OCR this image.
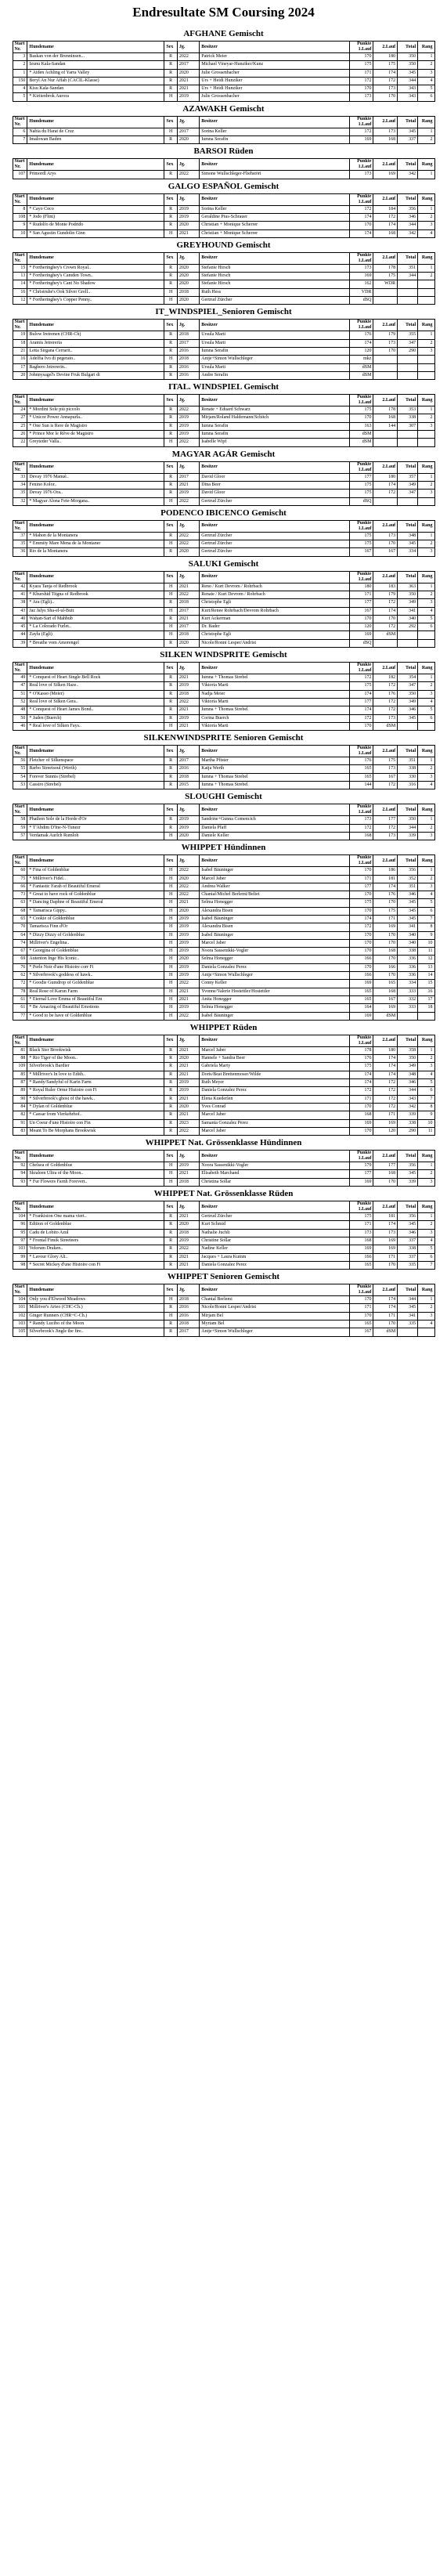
Endresultate SM Coursing 2024
AFGHANE Gemischt
Start Nr.	Hundename	Sex	Jg.	Besitzer	Punkte 1.Lauf	2.Lauf	Total	Rang
3	Baskan von der Brenninsen...	R	2022	Patrick Meier	170	180	350	1
2	Izunu Kala-Sandan	R	2017	Michael Vineyar-Hunziker/Kunz	175	175	350	2
1	* Aiden Achling of Yarra Valley	R	2020	Julie Grossenbacher	171	174	345	3
150	Beryl An Nur Affah (CACIL-Klasse)	R	2021	Urs + Heidi Hunziker	172	172	344	4
4	Kisu Kala-Sandan	R	2021	Urs + Heidi Hunziker	170	173	343	5
5	* Kiritenbrok Aurora	H	2019	Julie Grossenbacher	173	170	343	6
AZAWAKH Gemischt
Start Nr.	Hundename	Sex	Jg.	Besitzer	Punkte 1.Lauf	2.Lauf	Total	Rang
6	Nabia du Harat de Cruz	H	2017	Sorina Keller	172	173	345	1
7	Imalowan Baden	R	2020	Iumna Serafin	169	168	337	2
BARSOI Rüden
Start Nr.	Hundename	Sex	Jg.	Besitzer	Punkte 1.Lauf	2.Lauf	Total	Rang
107	Primordl Arys	R	2022	Simone Wullschleger-Fliehstöri	173	169	342	1
GALGO ESPAÑOL Gemischt
Start Nr.	Hundename	Sex	Jg.	Besitzer	Punkte 1.Lauf	2.Lauf	Total	Rang
8	* Cayo Coco	R	2019	Sorina Keller	172	184	356	1
108	* Jodo (Flint)	R	2019	Geraldine Pius-Schrauer	174	172	346	2
9	* Rudolfo de Monte Podrido	R	2020	Christian + Monique Scherrer	170	174	344	3
10	* San Agustin Gundolin Ginn	H	2021	Christian + Monique Scherrer	174	168	342	4
GREYHOUND Gemischt
Start Nr.	Hundename	Sex	Jg.	Besitzer	Punkte 1.Lauf	2.Lauf	Total	Rang
15	* Fortheringhey's Crown Royal..	R	2020	Stefanie Hirsch	173	178	351	1
13	* Fortheringhey's Camden Town..	R	2020	Stefanie Hirsch	169	175	344	2
14	* Fortheringhey's Cant No Shadow	R	2020	Stefanie Hirsch	162	WDR		
16	* Christruhe's Ook Silver Grell..	H	2018	Ruth Hess	VDR			
12	* Fortheringhey's Copper Penny..	H	2020	Gertrud Zürcher	dSQ			
IT_WINDSPIEL_Senioren Gemischt
Start Nr.	Hundename	Sex	Jg.	Besitzer	Punkte 1.Lauf	2.Lauf	Total	Rang
19	Bulow Iretrenen (CHR-Ch)	R	2018	Ursula Marti	176	179	355	1
18	Aramis Jetrereria	R	2017	Ursula Marti	174	173	347	2
21	Letta Sirgana Cerrarit..	R	2016	Iumna Serafin	120	170	290	3
16	Adelfia Ivo di pegerato..	H	2018	Antje+Simon Wullschleger	mkz			
17	Baghero Jetrererin..	R	2016	Ursula Marti	dSM			
20	Johnnysagel's Devine Fruk Bulgari di	R	2016	Andre Serafin	dSM			
ITAL. WINDSPIEL Gemischt
Start Nr.	Hundename	Sex	Jg.	Besitzer	Punkte 1.Lauf	2.Lauf	Total	Rang
24	* Mordini Sole più piccolo	R	2022	Renate + Eduard Schwarz	175	178	353	1
27	* Unicor Power Annapurla..	R	2019	Mirjam/Roland Haldemann/Schitch	170	168	338	2
25	* One Sun is Rere de Magistro	R	2019	Iumna Serafin	163	144	307	3
26	* Prince Mor le Rêve de Magistro	R	2019	Iumna Serafin	dSM			
22	Greyteder Valla..	H	2022	Isabelle Wipf	dSM			
MAGYAR AGÁR Gemischt
Start Nr.	Hundename	Sex	Jg.	Besitzer	Punkte 1.Lauf	2.Lauf	Total	Rang
33	Devay 1976 Manuè..	R	2017	David Gloor	177	180	357	1
34	Fenino Kolor..	R	2021	Dina Beer	175	174	349	2
35	Devay 1976 Ora..	R	2019	David Gloor	175	172	347	3
32	* Magyar Alona Fete-Morgana..	H	2022	Gertrud Zürcher	dSQ			
PODENCO IBICENCO Gemischt
Start Nr.	Hundename	Sex	Jg.	Besitzer	Punkte 1.Lauf	2.Lauf	Total	Rang
37	* Mahon de la Montanera	R	2022	Gertrud Zürcher	175	173	348	1
35	* Emmity Mare Mena de la Montaner	H	2022	Gertrud Zürcher	175	170	345	2
36	Rio de la Montanera	R	2020	Gertrud Zürcher	167	167	334	3
SALUKI Gemischt
Start Nr.	Hundename	Sex	Jg.	Besitzer	Punkte 1.Lauf	2.Lauf	Total	Rang
42	Kyara Tanja of Redbrook	H	2021	Reno / Kurt Devrom / Rohrbach	180	183	363	1
41	* Khurshid Tiigna of Redbrook	H	2022	Renate / Kurt Devrom / Rohrbach	171	179	350	2
38	* Ara (Egli)..	R	2018	Christophe Egli	177	172	349	3
43	Jaz Jalys Sha-el-ul-Buit	H	2017	Kurt/Renee Rohrbach/Devrom Rohrbach	167	174	341	4
40	Wahan-Sari el Mahbub	R	2021	Kurt Ackerman	170	170	340	5
45	* La Colorado Furlet..	H	2017	Dr. Bader	120	172	292	6
44	Zaylu (Egli)	H	2018	Christophe Egli	169	dSM		
39	* Breathe vom Amorengel	R	2020	Nicole/Ronni Lesper/Andrist	dSQ			
SILKEN WINDSPRITE Gemischt
Start Nr.	Hundename	Sex	Jg.	Besitzer	Punkte 1.Lauf	2.Lauf	Total	Rang
49	* Conquest of Heart Single Bell Rock	R	2021	Iumna + Thomas Strebel	172	182	354	1
47	Real love of Silken Haze..	R	2019	Viktoria Marti	175	172	347	2
51	* O'Kasso (Meier)	R	2018	Nadja Meier	174	176	350	3
52	Real love of Silken Gera..	R	2022	Viktoria Marti	177	172	349	4
48	* Conquest of Heart James Bond..	R	2021	Iumna + Thomas Strebel	174	172	346	5
50	* Jaden (Buerch)	R	2019	Corina Buerch	172	173	345	6
46	* Real love of Silken Fays..	H	2021	Viktoria Marti	170	dSM		
SILKENWINDSPRITE Senioren Gemischt
Start Nr.	Hundename	Sex	Jg.	Besitzer	Punkte 1.Lauf	2.Lauf	Total	Rang
56	Fletcher of Silkenspace	R	2017	Martha Pfister	176	175	351	1
55	Barbo Streetsoul (Werth)	R	2016	Katja Werth	165	173	338	2
54	Forever Sunnis (Strebel)	R	2018	Iumna + Thomas Strebel	165	167	330	3
53	Cassiro (Strebel)	R	2015	Iumna + Thomas Strebel	144	172	316	4
SLOUGHI Gemischt
Start Nr.	Hundename	Sex	Jg.	Besitzer	Punkte 1.Lauf	2.Lauf	Total	Rang
58	Phathon Sole de la Horde d'Or	R	2019	Sandrine+Gunna Comencich	173	177	350	1
59	* T'Abdim D'Ine-N-Tunezr	R	2019	Daniela Pfaff	172	172	344	2
57	Verdamak Aurlch Rumloh	H	2020	Daniele Keller	168	173	339	3
WHIPPET Hündinnen
Start Nr.	Hundename	Sex	Jg.	Besitzer	Punkte 1.Lauf	2.Lauf	Total	Rang
60	* Fina of Goldenblue	H	2022	Isabel Bäuninger	170	186	356	1
75	* Millriver's Fidel..	H	2020	Marcel Jaber	171	181	352	2
66	* Fantastic Farah of Beautiful Emeral	H	2022	Andrea Walker	177	174	351	3
73	* Great to have rock of Goldenblue	H	2022	Chantal/Michel Berlemi/Beliet	170	176	346	4
63	* Dancing Daphne of Beautiful Emeral	H	2021	Selma Honegger	175	170	345	5
68	* Tamarisca Gippy..	H	2020	Alexandra Bisen	170	175	345	6
65	* Cookie of Goldenblue	H	2019	Isabel Bäuninger	174	171	345	7
70	Tamarisca Finn d'Or	H	2019	Alexandra Bisen	172	169	341	8
64	* Dizzy Dizzy of Goldenblue	H	2019	Isabel Bäuninger	170	170	340	9
74	Millriver's Engelina..	H	2019	Marcel Jaber	170	170	340	10
67	* Georgina of Goldenblue	H	2019	Noora Sassenikki-Vogler	170	168	338	11
69	Autenton Inge His Iconic..	H	2020	Selma Honegger	166	170	336	12
76	* Perle Noir d'une Histoire corr Fi	H	2019	Daniela Gonzalez Perez	170	166	336	13
62	* Silverbrook's goddess of hawk..	H	2019	Antje+Simon Wullschleger	166	170	336	14
72	* Goodie Gumdrop of Goldenblue	H	2022	Conny Keller	169	165	334	15
78	Real Rose of Karun Farm	H	2021	Yvonne/Valerie Hostettler/Hostettler	165	168	333	16
61	* Eternal Love Emma of Beautiful Em	H	2021	Anita Honegger	165	167	332	17
61	* Be Amazing of Beautiful Emotions	H	2019	Selma Honegger	164	169	333	18
77	* Good to be have of Goldenblue	H	2022	Isabel Bäuninger	169	dSM		
WHIPPET Rüden
Start Nr.	Hundename	Sex	Jg.	Besitzer	Punkte 1.Lauf	2.Lauf	Total	Rang
81	Black Ster Brookwisk	R	2021	Marcel Jaber	178	180	358	1
88	* Rio Tiger of the Moon..	R	2020	Hannele + Sandra Beer	176	174	350	2
109	Silverbrook's Bardier	R	2021	Gabriela Marty	175	174	349	3
85	* Millriver's In love to Edith..	R	2021	Doris/Beat Brettenmoser/Wilde	174	174	348	4
87	* Randy/Sandyful of Karin Farm	R	2019	Ruth Meyer	174	172	346	5
89	* Royal Ruler Orme Histoire con Fi	R	2019	Daniela Gonzalez Perez	172	172	344	6
90	* Silverbrook's ghost of the hawk..	R	2021	Elena Kuederlen	171	172	343	7
84	* Dylan of Goldenblue	R	2020	Yves Conrad	170	172	342	8
82	* Caesar from Vierkehrhof..	R	2021	Marcel Jaber	168	171	339	9
91	Un Coeur d'une Histoire con Fin	R	2023	Samanta Gonzalez Perez	169	169	338	10
83	Meant To Be Morphans Brookwisk	R	2022	Marcel Jaber	170	120	290	11
WHIPPET Nat. Grössenklasse Hündinnen
Start Nr.	Hundename	Sex	Jg.	Besitzer	Punkte 1.Lauf	2.Lauf	Total	Rang
92	Chelsea of Goldenblue	H	2019	Noora Sassenikki-Vogler	179	177	356	1
94	Skraleen Ultra of the Moon..	H	2021	Elisabeth Marchand	177	168	345	2
93	* Fur Flowers Farnh Forevert..	H	2018	Christina Sollar	169	170	339	3
WHIPPET Nat. Grössenklasse Rüden
Start Nr.	Hundename	Sex	Jg.	Besitzer	Punkte 1.Lauf	2.Lauf	Total	Rang
104	* Frankiston One mama viert..	R	2021	Gertrud Zürcher	175	181	356	1
96	Edition of Goldenblue	R	2020	Kurt Schmid	171	174	345	2
95	Cadu de Lobito Azul	R	2018	Nathalie Juchli	173	173	346	3
97	* Frontal Fimik Streeteers	R	2019	Christine Sollar	168	169	337	4
103	Velorum Draken..	R	2022	Nadine Keller	169	169	338	5
99	* Lavour Glory Ali..	R	2021	Jacques + Laura Kumm	166	171	337	6
98	* Secret Mickey d'une Histoire con Fi	R	2021	Daniela Gonzalez Perez	165	170	335	7
WHIPPET Senioren Gemischt
Start Nr.	Hundename	Sex	Jg.	Besitzer	Punkte 1.Lauf	2.Lauf	Total	Rang
104	Only you d'Elwood Meadows	H	2018	Chantal Berlemi	170	174	344	1
101	Millriver's Arteo (CHC-Ch.)	R	2016	Nicole/Ronni Lesper/Andrist	171	174	345	2
102	Ginger Runners (CHR+C-Ch.)	H	2016	Mirjam Bel	170	171	341	3
103	* Randy Lucibo of the Moon	R	2018	Myriam Bel	165	170	335	4
105	Silverbrook's Jingle the fire..	R	2017	Antje+Simon Wullschleger	167	dSM		
